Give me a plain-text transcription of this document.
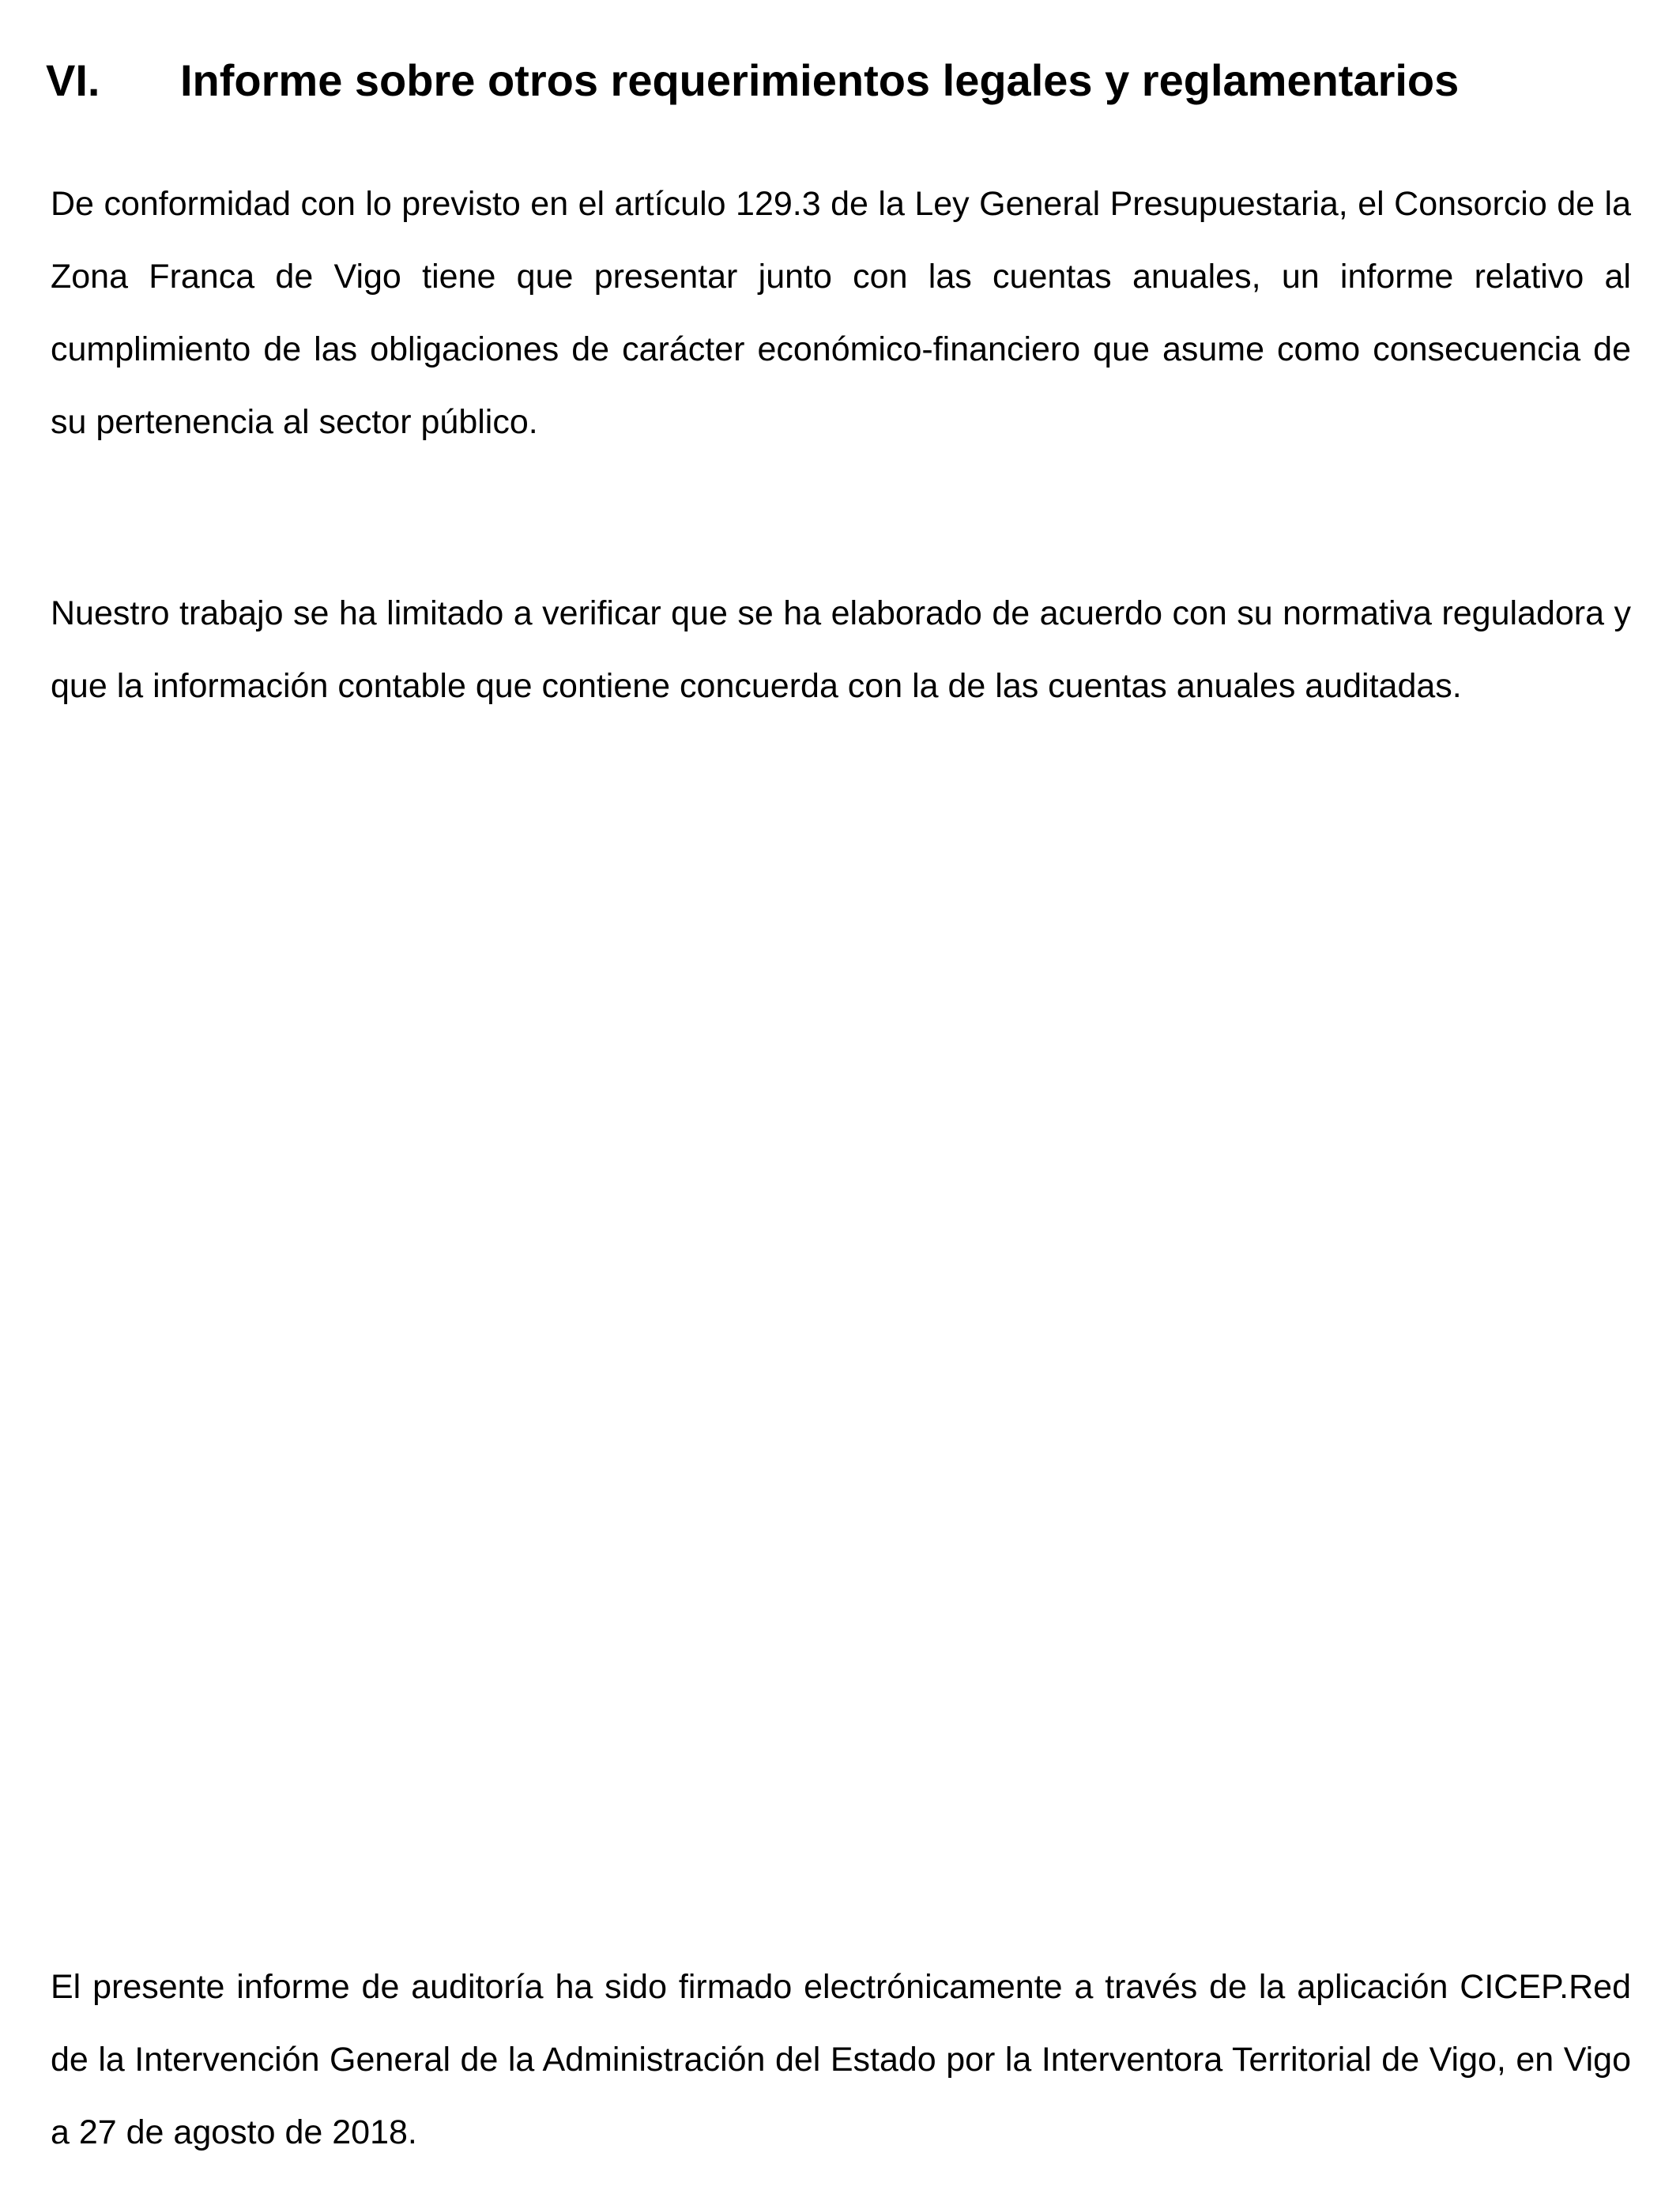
VI. Informe sobre otros requerimientos legales y reglamentarios

De conformidad con lo previsto en el artículo 129.3 de la Ley General Presupuestaria, el Consorcio de la Zona Franca de Vigo tiene que presentar junto con las cuentas anuales, un informe relativo al cumplimiento de las obligaciones de carácter económico-financiero que asume como consecuencia de su pertenencia al sector público.

Nuestro trabajo se ha limitado a verificar que se ha elaborado de acuerdo con su normativa reguladora y que la información contable que contiene concuerda con la de las cuentas anuales auditadas.

El presente informe de auditoría ha sido firmado electrónicamente a través de la aplicación CICEP.Red de la Intervención General de la Administración del Estado por la Interventora Territorial de Vigo, en Vigo a 27 de agosto de 2018.
